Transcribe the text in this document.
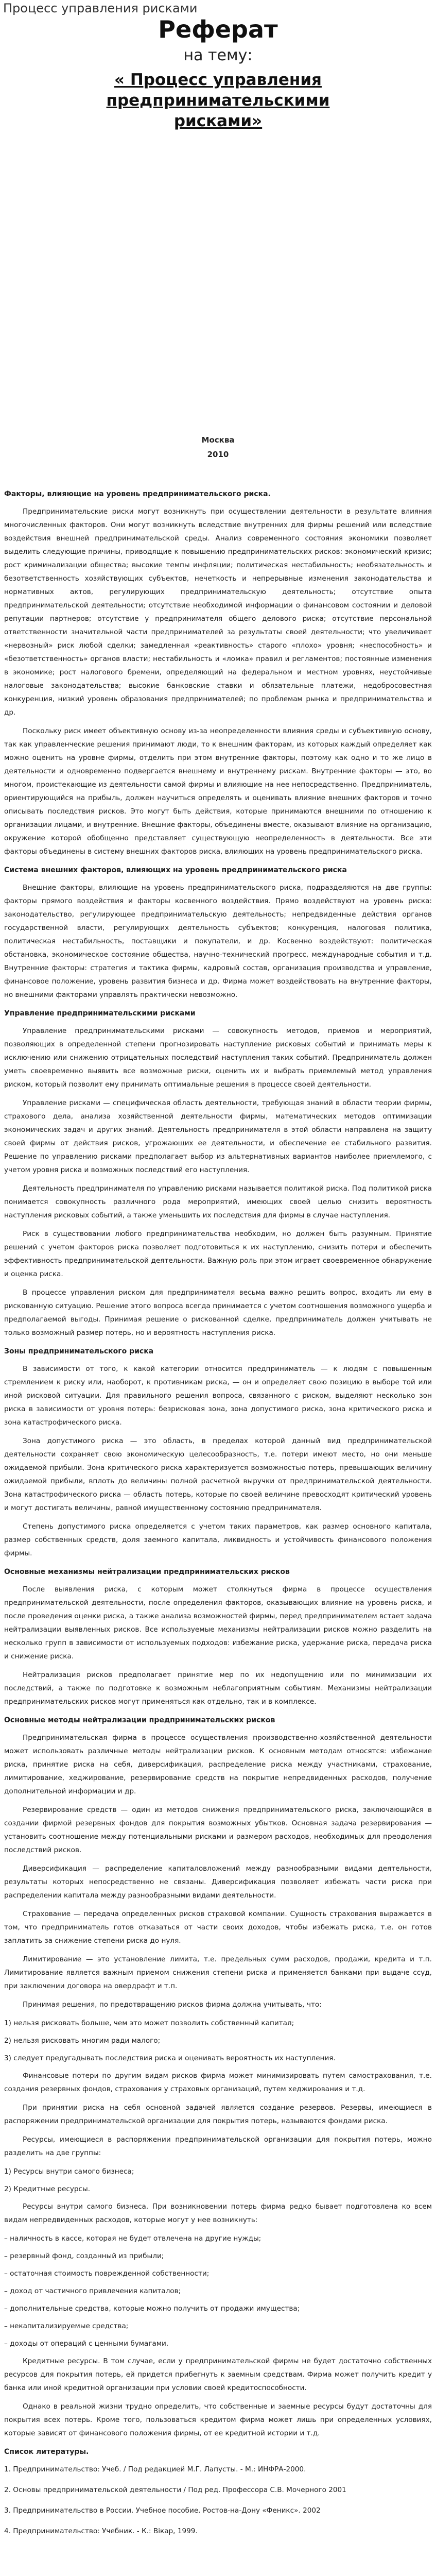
Процесс управления рисками
Реферат
на тему:
« Процесс управления предпринимательскими рисками»
Москва
2010
Факторы, влияющие на уровень предпринимательского риска.

Предпринимательские риски могут возникнуть при осуществлении деятельности в результате влияния многочисленных факторов. Они могут возникнуть вследствие внутренних для фирмы решений или вследствие воздействия внешней предпринимательской среды. Анализ современного состояния экономики позволяет выделить следующие причины, приводящие к повышению предпринимательских рисков: экономический кризис; рост криминализации общества; высокие темпы инфляции; политическая нестабильность; необязательность и безответственность хозяйствующих субъектов, нечеткость и непрерывные изменения законодательства и нормативных актов, регулирующих предпринимательскую деятельность; отсутствие опыта предпринимательской деятельности; отсутствие необходимой информации о финансовом состоянии и деловой репутации партнеров; отсутствие у предпринимателя общего делового риска; отсутствие персональной ответственности значительной части предпринимателей за результаты своей деятельности; что увеличивает «нервозный» риск любой сделки; замедленная «реактивность» старого «плохо» уровня; «неспособность» и «безответственность» органов власти; нестабильность и «ломка» правил и регламентов; постоянные изменения в экономике; рост налогового бремени, определяющий на федеральном и местном уровнях, неустойчивые налоговые законодательства; высокие банковские ставки и обязательные платежи, недобросовестная конкуренция, низкий уровень образования предпринимателей; по проблемам рынка и предпринимательства и др.

Поскольку риск имеет объективную основу из-за неопределенности влияния среды и субъективную основу, так как управленческие решения принимают люди, то к внешним факторам, из которых каждый определяет как можно оценить на уровне фирмы, отделить при этом внутренние факторы, поэтому как одно и то же лицо в деятельности и одновременно подвергается внешнему и внутреннему рискам. Внутренние факторы — это, во многом, проистекающие из деятельности самой фирмы и влияющие на нее непосредственно. Предприниматель, ориентирующийся на прибыль, должен научиться определять и оценивать влияние внешних факторов и точно описывать последствия рисков. Это могут быть действия, которые принимаются внешними по отношению к организации лицами, и внутренние. Внешние факторы, объединены вместе, оказывают влияние на организацию, окружение которой обобщенно представляет существующую неопределенность в деятельности. Все эти факторы объединены в систему внешних факторов риска, влияющих на уровень предпринимательского риска.

Система внешних факторов, влияющих на уровень предпринимательского риска

Внешние факторы, влияющие на уровень предпринимательского риска, подразделяются на две группы: факторы прямого воздействия и факторы косвенного воздействия. Прямо воздействуют на уровень риска: законодательство, регулирующее предпринимательскую деятельность; непредвиденные действия органов государственной власти, регулирующих деятельность субъектов; конкуренция, налоговая политика, политическая нестабильность, поставщики и покупатели, и др. Косвенно воздействуют: политическая обстановка, экономическое состояние общества, научно-технический прогресс, международные события и т.д. Внутренние факторы: стратегия и тактика фирмы, кадровый состав, организация производства и управление, финансовое положение, уровень развития бизнеса и др. Фирма может воздействовать на внутренние факторы, но внешними факторами управлять практически невозможно.

Управление предпринимательскими рисками

Управление предпринимательскими рисками — совокупность методов, приемов и мероприятий, позволяющих в определенной степени прогнозировать наступление рисковых событий и принимать меры к исключению или снижению отрицательных последствий наступления таких событий. Предприниматель должен уметь своевременно выявить все возможные риски, оценить их и выбрать приемлемый метод управления риском, который позволит ему принимать оптимальные решения в процессе своей деятельности.

Управление рисками — специфическая область деятельности, требующая знаний в области теории фирмы, страхового дела, анализа хозяйственной деятельности фирмы, математических методов оптимизации экономических задач и других знаний. Деятельность предпринимателя в этой области направлена на защиту своей фирмы от действия рисков, угрожающих ее деятельности, и обеспечение ее стабильного развития. Решение по управлению рисками предполагает выбор из альтернативных вариантов наиболее приемлемого, с учетом уровня риска и возможных последствий его наступления.

Деятельность предпринимателя по управлению рисками называется политикой риска. Под политикой риска понимается совокупность различного рода мероприятий, имеющих своей целью снизить вероятность наступления рисковых событий, а также уменьшить их последствия для фирмы в случае наступления.

Риск в существовании любого предпринимательства необходим, но должен быть разумным. Принятие решений с учетом факторов риска позволяет подготовиться к их наступлению, снизить потери и обеспечить эффективность предпринимательской деятельности. Важную роль при этом играет своевременное обнаружение и оценка риска.

В процессе управления риском для предпринимателя весьма важно решить вопрос, входить ли ему в рискованную ситуацию. Решение этого вопроса всегда принимается с учетом соотношения возможного ущерба и предполагаемой выгоды. Принимая решение о рискованной сделке, предприниматель должен учитывать не только возможный размер потерь, но и вероятность наступления риска.

Зоны предпринимательского риска

В зависимости от того, к какой категории относится предприниматель — к людям с повышенным стремлением к риску или, наоборот, к противникам риска, — он и определяет свою позицию в выборе той или иной рисковой ситуации. Для правильного решения вопроса, связанного с риском, выделяют несколько зон риска в зависимости от уровня потерь: безрисковая зона, зона допустимого риска, зона критического риска и зона катастрофического риска.

Зона допустимого риска — это область, в пределах которой данный вид предпринимательской деятельности сохраняет свою экономическую целесообразность, т.е. потери имеют место, но они меньше ожидаемой прибыли. Зона критического риска характеризуется возможностью потерь, превышающих величину ожидаемой прибыли, вплоть до величины полной расчетной выручки от предпринимательской деятельности. Зона катастрофического риска — область потерь, которые по своей величине превосходят критический уровень и могут достигать величины, равной имущественному состоянию предпринимателя.

Степень допустимого риска определяется с учетом таких параметров, как размер основного капитала, размер собственных средств, доля заемного капитала, ликвидность и устойчивость финансового положения фирмы.

Основные механизмы нейтрализации предпринимательских рисков

После выявления риска, с которым может столкнуться фирма в процессе осуществления предпринимательской деятельности, после определения факторов, оказывающих влияние на уровень риска, и после проведения оценки риска, а также анализа возможностей фирмы, перед предпринимателем встает задача нейтрализации выявленных рисков. Все используемые механизмы нейтрализации рисков можно разделить на несколько групп в зависимости от используемых подходов: избежание риска, удержание риска, передача риска и снижение риска.

Нейтрализация рисков предполагает принятие мер по их недопущению или по минимизации их последствий, а также по подготовке к возможным неблагоприятным событиям. Механизмы нейтрализации предпринимательских рисков могут применяться как отдельно, так и в комплексе.

Основные методы нейтрализации предпринимательских рисков

Предпринимательская фирма в процессе осуществления производственно-хозяйственной деятельности может использовать различные методы нейтрализации рисков. К основным методам относятся: избежание риска, принятие риска на себя, диверсификация, распределение риска между участниками, страхование, лимитирование, хеджирование, резервирование средств на покрытие непредвиденных расходов, получение дополнительной информации и др.

Резервирование средств — один из методов снижения предпринимательского риска, заключающийся в создании фирмой резервных фондов для покрытия возможных убытков. Основная задача резервирования — установить соотношение между потенциальными рисками и размером расходов, необходимых для преодоления последствий рисков.

Диверсификация — распределение капиталовложений между разнообразными видами деятельности, результаты которых непосредственно не связаны. Диверсификация позволяет избежать части риска при распределении капитала между разнообразными видами деятельности.

Страхование — передача определенных рисков страховой компании. Сущность страхования выражается в том, что предприниматель готов отказаться от части своих доходов, чтобы избежать риска, т.е. он готов заплатить за снижение степени риска до нуля.

Лимитирование — это установление лимита, т.е. предельных сумм расходов, продажи, кредита и т.п. Лимитирование является важным приемом снижения степени риска и применяется банками при выдаче ссуд, при заключении договора на овердрафт и т.п.

Принимая решения, по предотвращению рисков фирма должна учитывать, что:

1) нельзя рисковать больше, чем это может позволить собственный капитал;

2) нельзя рисковать многим ради малого;

3) следует предугадывать последствия риска и оценивать вероятность их наступления.

Финансовые потери по другим видам рисков фирма может минимизировать путем самострахования, т.е. создания резервных фондов, страхования у страховых организаций, путем хеджирования и т.д.

При принятии риска на себя основной задачей является создание резервов. Резервы, имеющиеся в распоряжении предпринимательской организации для покрытия потерь, называются фондами риска.

Ресурсы, имеющиеся в распоряжении предпринимательской организации для покрытия потерь, можно разделить на две группы:

1) Ресурсы внутри самого бизнеса;

2) Кредитные ресурсы.

Ресурсы внутри самого бизнеса. При возникновении потерь фирма редко бывает подготовлена ко всем видам непредвиденных расходов, которые могут у нее возникнуть:

– наличность в кассе, которая не будет отвлечена на другие нужды;

– резервный фонд, созданный из прибыли;

– остаточная стоимость поврежденной собственности;

– доход от частичного привлечения капиталов;

– дополнительные средства, которые можно получить от продажи имущества;

– некапитализируемые средства;

– доходы от операций с ценными бумагами.

Кредитные ресурсы. В том случае, если у предпринимательской фирмы не будет достаточно собственных ресурсов для покрытия потерь, ей придется прибегнуть к заемным средствам. Фирма может получить кредит у банка или иной кредитной организации при условии своей кредитоспособности.

Однако в реальной жизни трудно определить, что собственные и заемные ресурсы будут достаточны для покрытия всех потерь. Кроме того, пользоваться кредитом фирма может лишь при определенных условиях, которые зависят от финансового положения фирмы, от ее кредитной истории и т.д.

Список литературы.

1. Предпринимательство: Учеб. / Под редакцией М.Г. Лапусты. - М.: ИНФРА-2000.

2. Основы предпринимательской деятельности / Под ред. Профессора С.В. Мочерного 2001

3. Предпринимательство в России. Учебное пособие. Ростов-на-Дону «Феникс». 2002

4. Предпринимательство: Учебник. - К.: Вікар, 1999.
